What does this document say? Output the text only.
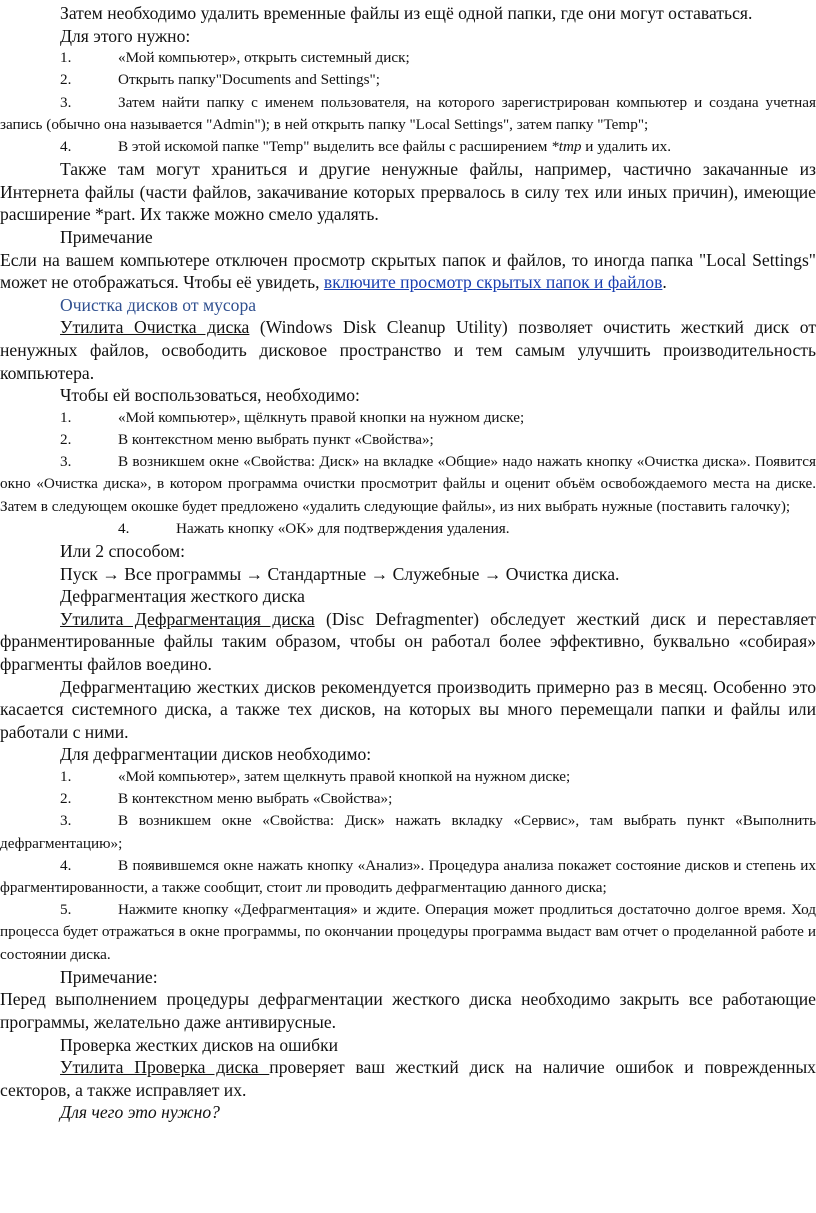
Затем необходимо удалить временные файлы из ещё одной папки, где они могут оставаться.

Для этого нужно:

1.	«Мой компьютер», открыть системный диск;

2.	Открыть папку"Documents and Settings";

3.	Затем найти папку с именем пользователя, на которого зарегистрирован компьютер и создана учетная запись (обычно она называется "Admin"); в ней открыть папку "Local Settings", затем папку "Temp";

4.	В этой искомой папке "Temp" выделить все файлы с расширением *tmp и удалить их.

Также там могут храниться и другие ненужные файлы, например, частично закачанные из Интернета файлы (части файлов, закачивание которых прервалось в силу тех или иных причин), имеющие расширение *part. Их также можно смело удалять.

Примечание

Если на вашем компьютере отключен просмотр скрытых папок и файлов, то иногда папка "Local Settings" может не отображаться. Чтобы её увидеть, включите просмотр скрытых папок и файлов.

Очистка дисков от мусора

Утилита Очистка диска (Windows Disk Cleanup Utility) позволяет очистить жесткий диск от ненужных файлов, освободить дисковое пространство и тем самым улучшить производительность компьютера.

Чтобы ей воспользоваться, необходимо:

1.	«Мой компьютер», щёлкнуть правой кнопки на нужном диске;

2.	В контекстном меню выбрать пункт «Свойства»;

3.	В возникшем окне «Свойства: Диск» на вкладке «Общие» надо нажать кнопку «Очистка диска». Появится окно «Очистка диска», в котором программа очистки просмотрит файлы и оценит объём освобождаемого места на диске. Затем в следующем окошке будет предложено «удалить следующие файлы», из них выбрать нужные (поставить галочку);

4.	Нажать кнопку «ОК» для подтверждения удаления.

Или 2 способом:

Пуск → Все программы → Стандартные → Служебные → Очистка диска.

Дефрагментация жесткого диска

Утилита Дефрагментация диска (Disc Defragmenter) обследует жесткий диск и переставляет франментированные файлы таким образом, чтобы он работал более эффективно, буквально «собирая» фрагменты файлов воедино.

Дефрагментацию жестких дисков рекомендуется производить примерно раз в месяц. Особенно это касается системного диска, а также тех дисков, на которых вы много перемещали папки и файлы или работали с ними.

Для дефрагментации дисков необходимо:

1.	«Мой компьютер», затем щелкнуть правой кнопкой на нужном диске;

2.	В контекстном меню выбрать «Свойства»;

3.	В возникшем окне «Свойства: Диск» нажать вкладку «Сервис», там выбрать пункт «Выполнить дефрагментацию»;

4.	В появившемся окне нажать кнопку «Анализ». Процедура анализа покажет состояние дисков и степень их фрагментированности, а также сообщит, стоит ли проводить дефрагментацию данного диска;

5.	Нажмите кнопку «Дефрагментация» и ждите. Операция может продлиться достаточно долгое время. Ход процесса будет отражаться в окне программы, по окончании процедуры программа выдаст вам отчет о проделанной работе и состоянии диска.

Примечание:

Перед выполнением процедуры дефрагментации жесткого диска необходимо закрыть все работающие программы, желательно даже антивирусные.

Проверка жестких дисков на ошибки

Утилита Проверка диска проверяет ваш жесткий диск на наличие ошибок и поврежденных секторов, а также исправляет их.

Для чего это нужно?
